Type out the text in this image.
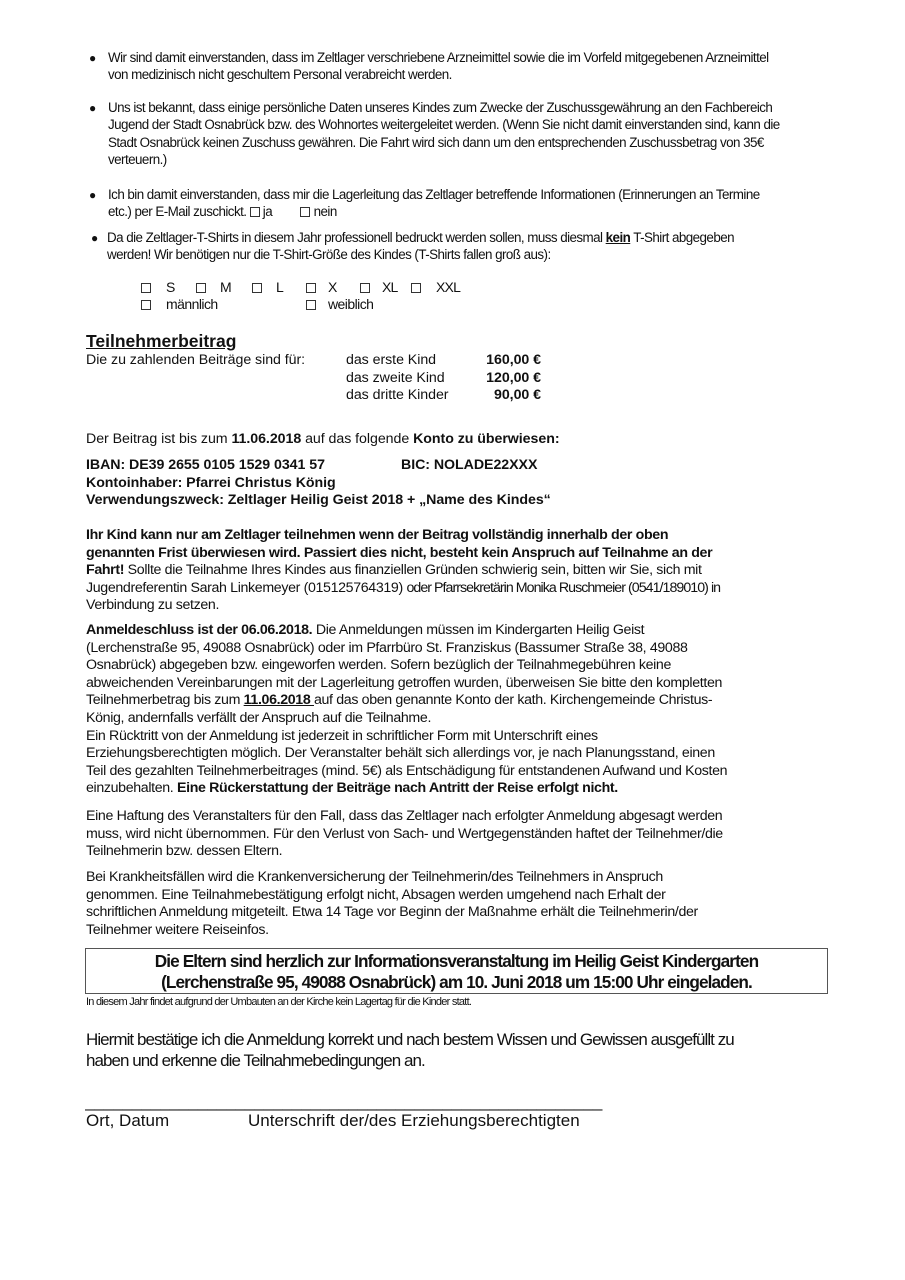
● Wir sind damit einverstanden, dass im Zeltlager verschriebene Arzneimittel sowie die im Vorfeld mitgegebenen Arzneimittel
von medizinisch nicht geschultem Personal verabreicht werden.
● Uns ist bekannt, dass einige persönliche Daten unseres Kindes zum Zwecke der Zuschussgewährung an den Fachbereich
Jugend der Stadt Osnabrück bzw. des Wohnortes weitergeleitet werden. (Wenn Sie nicht damit einverstanden sind, kann die
Stadt Osnabrück keinen Zuschuss gewähren. Die Fahrt wird sich dann um den entsprechenden Zuschussbetrag von 35€
verteuern.)
● Ich bin damit einverstanden, dass mir die Lagerleitung das Zeltlager betreffende Informationen (Erinnerungen an Termine
etc.) per E-Mail zuschickt. ja	nein
● Da die Zeltlager-T-Shirts in diesem Jahr professionell bedruckt werden sollen, muss diesmal kein T-Shirt abgegeben
werden! Wir benötigen nur die T-Shirt-Größe des Kindes (T-Shirts fallen groß aus):
S	M	L	X	XL	XXL
männlich	weiblich
Teilnehmerbeitrag
Die zu zahlenden Beiträge sind für:	das erste Kind	160,00 €
das zweite Kind	120,00 €
das dritte Kinder	90,00 €
Der Beitrag ist bis zum 11.06.2018 auf das folgende Konto zu überwiesen:
IBAN: DE39 2655 0105 1529 0341 57	BIC: NOLADE22XXX
Kontoinhaber: Pfarrei Christus König
Verwendungszweck: Zeltlager Heilig Geist 2018 + „Name des Kindes“
Ihr Kind kann nur am Zeltlager teilnehmen wenn der Beitrag vollständig innerhalb der oben
genannten Frist überwiesen wird. Passiert dies nicht, besteht kein Anspruch auf Teilnahme an der
Fahrt! Sollte die Teilnahme Ihres Kindes aus finanziellen Gründen schwierig sein, bitten wir Sie, sich mit
Jugendreferentin Sarah Linkemeyer (015125764319) oder Pfarrsekretärin Monika Ruschmeier (0541/189010) in
Verbindung zu setzen.
Anmeldeschluss ist der 06.06.2018. Die Anmeldungen müssen im Kindergarten Heilig Geist
(Lerchenstraße 95, 49088 Osnabrück) oder im Pfarrbüro St. Franziskus (Bassumer Straße 38, 49088
Osnabrück) abgegeben bzw. eingeworfen werden. Sofern bezüglich der Teilnahmegebühren keine
abweichenden Vereinbarungen mit der Lagerleitung getroffen wurden, überweisen Sie bitte den kompletten
Teilnehmerbetrag bis zum 11.06.2018 auf das oben genannte Konto der kath. Kirchengemeinde Christus-
König, andernfalls verfällt der Anspruch auf die Teilnahme.
Ein Rücktritt von der Anmeldung ist jederzeit in schriftlicher Form mit Unterschrift eines
Erziehungsberechtigten möglich. Der Veranstalter behält sich allerdings vor, je nach Planungsstand, einen
Teil des gezahlten Teilnehmerbeitrages (mind. 5€) als Entschädigung für entstandenen Aufwand und Kosten
einzubehalten. Eine Rückerstattung der Beiträge nach Antritt der Reise erfolgt nicht.
Eine Haftung des Veranstalters für den Fall, dass das Zeltlager nach erfolgter Anmeldung abgesagt werden
muss, wird nicht übernommen. Für den Verlust von Sach- und Wertgegenständen haftet der Teilnehmer/die
Teilnehmerin bzw. dessen Eltern.
Bei Krankheitsfällen wird die Krankenversicherung der Teilnehmerin/des Teilnehmers in Anspruch
genommen. Eine Teilnahmebestätigung erfolgt nicht, Absagen werden umgehend nach Erhalt der
schriftlichen Anmeldung mitgeteilt. Etwa 14 Tage vor Beginn der Maßnahme erhält die Teilnehmerin/der
Teilnehmer weitere Reiseinfos.
Die Eltern sind herzlich zur Informationsveranstaltung im Heilig Geist Kindergarten
(Lerchenstraße 95, 49088 Osnabrück) am 10. Juni 2018 um 15:00 Uhr eingeladen.
In diesem Jahr findet aufgrund der Umbauten an der Kirche kein Lagertag für die Kinder statt.
Hiermit bestätige ich die Anmeldung korrekt und nach bestem Wissen und Gewissen ausgefüllt zu
haben und erkenne die Teilnahmebedingungen an.
_______________________________________________________
Ort, Datum	Unterschrift der/des Erziehungsberechtigten
